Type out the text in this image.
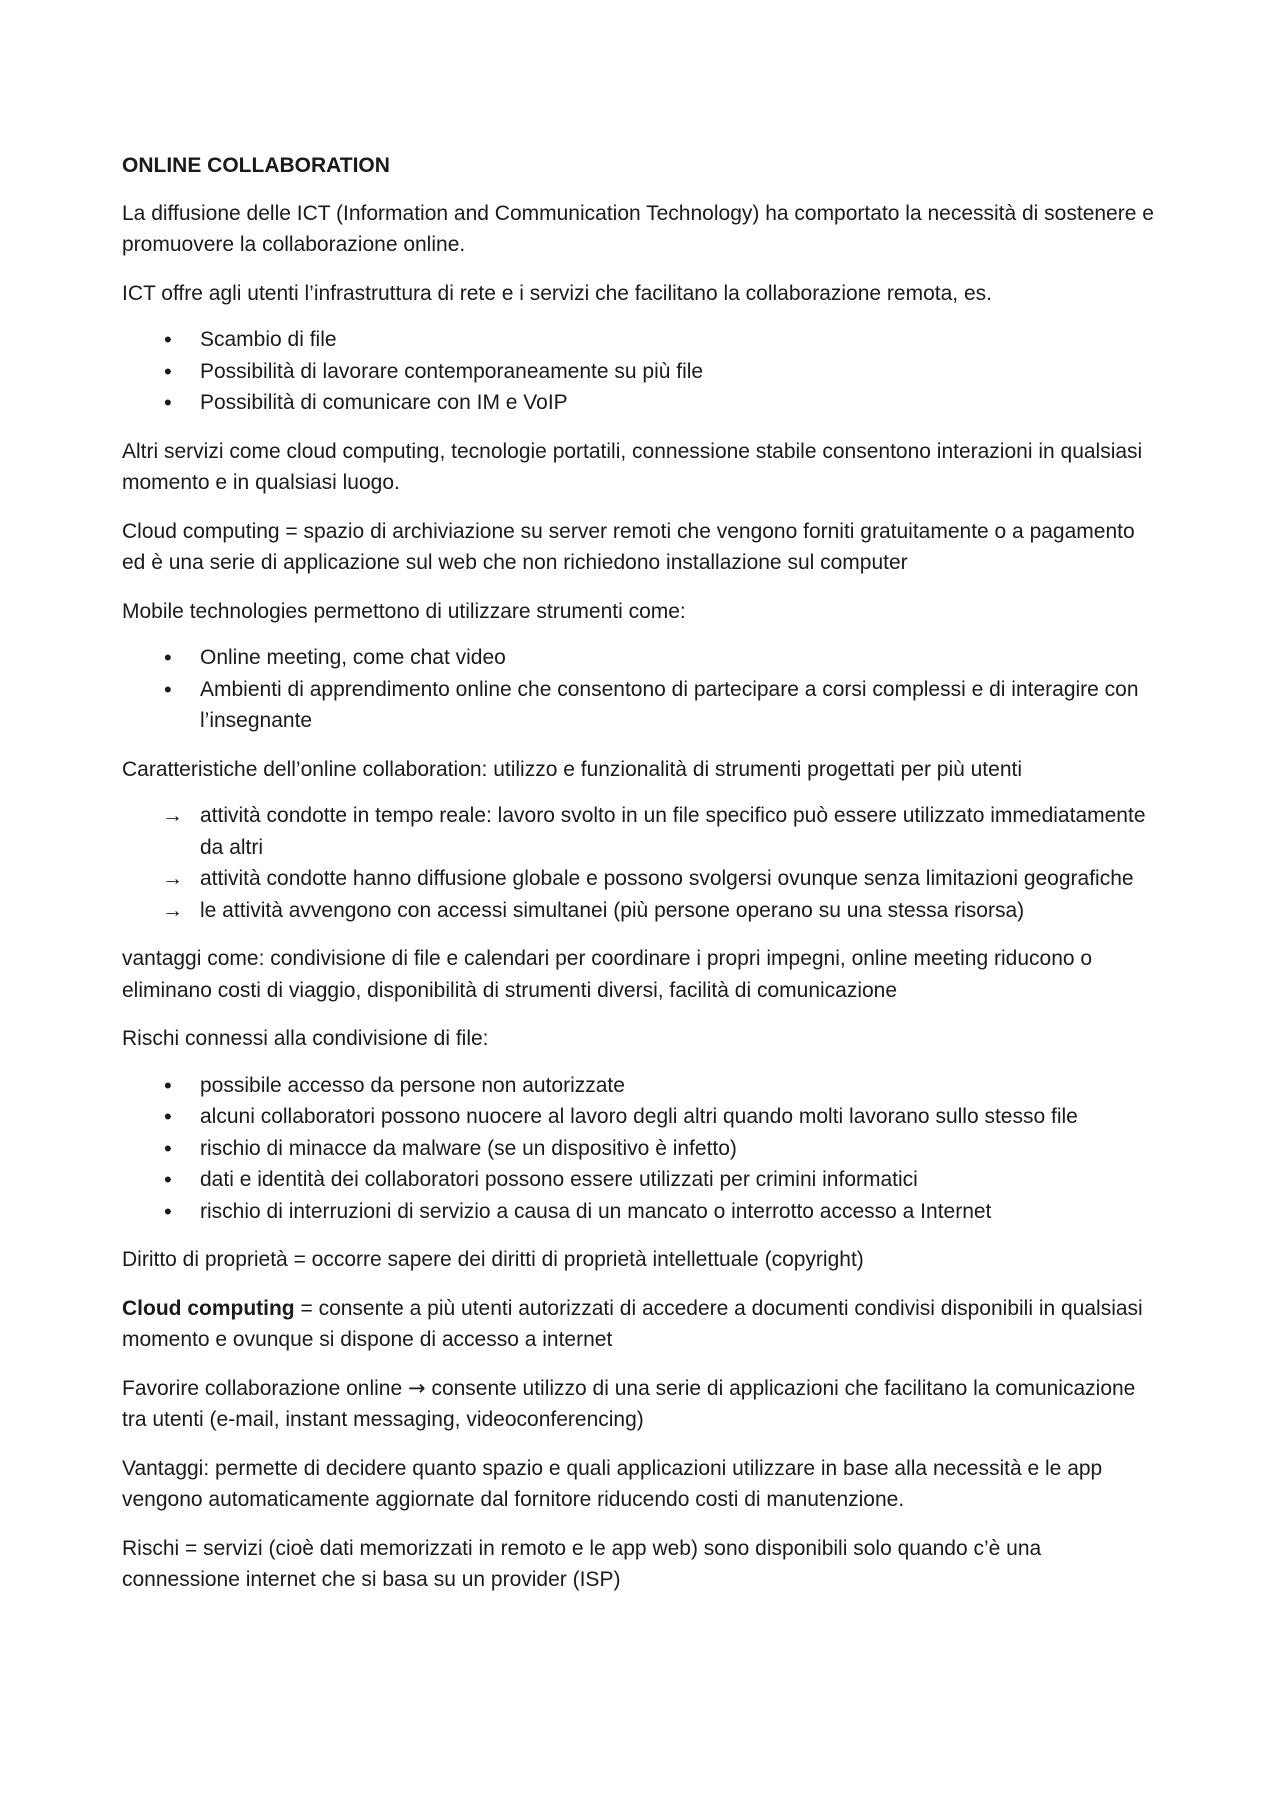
ONLINE COLLABORATION

La diffusione delle ICT (Information and Communication Technology) ha comportato la necessità di sostenere e promuovere la collaborazione online.

ICT offre agli utenti l’infrastruttura di rete e i servizi che facilitano la collaborazione remota, es.

• Scambio di file
• Possibilità di lavorare contemporaneamente su più file
• Possibilità di comunicare con IM e VoIP

Altri servizi come cloud computing, tecnologie portatili, connessione stabile consentono interazioni in qualsiasi momento e in qualsiasi luogo.

Cloud computing = spazio di archiviazione su server remoti che vengono forniti gratuitamente o a pagamento ed è una serie di applicazione sul web che non richiedono installazione sul computer

Mobile technologies permettono di utilizzare strumenti come:

• Online meeting, come chat video
• Ambienti di apprendimento online che consentono di partecipare a corsi complessi e di interagire con l’insegnante

Caratteristiche dell’online collaboration: utilizzo e funzionalità di strumenti progettati per più utenti

→ attività condotte in tempo reale: lavoro svolto in un file specifico può essere utilizzato immediatamente da altri
→ attività condotte hanno diffusione globale e possono svolgersi ovunque senza limitazioni geografiche
→ le attività avvengono con accessi simultanei (più persone operano su una stessa risorsa)

vantaggi come: condivisione di file e calendari per coordinare i propri impegni, online meeting riducono o eliminano costi di viaggio, disponibilità di strumenti diversi, facilità di comunicazione

Rischi connessi alla condivisione di file:

• possibile accesso da persone non autorizzate
• alcuni collaboratori possono nuocere al lavoro degli altri quando molti lavorano sullo stesso file
• rischio di minacce da malware (se un dispositivo è infetto)
• dati e identità dei collaboratori possono essere utilizzati per crimini informatici
• rischio di interruzioni di servizio a causa di un mancato o interrotto accesso a Internet

Diritto di proprietà = occorre sapere dei diritti di proprietà intellettuale (copyright)

Cloud computing = consente a più utenti autorizzati di accedere a documenti condivisi disponibili in qualsiasi momento e ovunque si dispone di accesso a internet

Favorire collaborazione online → consente utilizzo di una serie di applicazioni che facilitano la comunicazione tra utenti (e-mail, instant messaging, videoconferencing)

Vantaggi: permette di decidere quanto spazio e quali applicazioni utilizzare in base alla necessità e le app vengono automaticamente aggiornate dal fornitore riducendo costi di manutenzione.

Rischi = servizi (cioè dati memorizzati in remoto e le app web) sono disponibili solo quando c’è una connessione internet che si basa su un provider (ISP)
